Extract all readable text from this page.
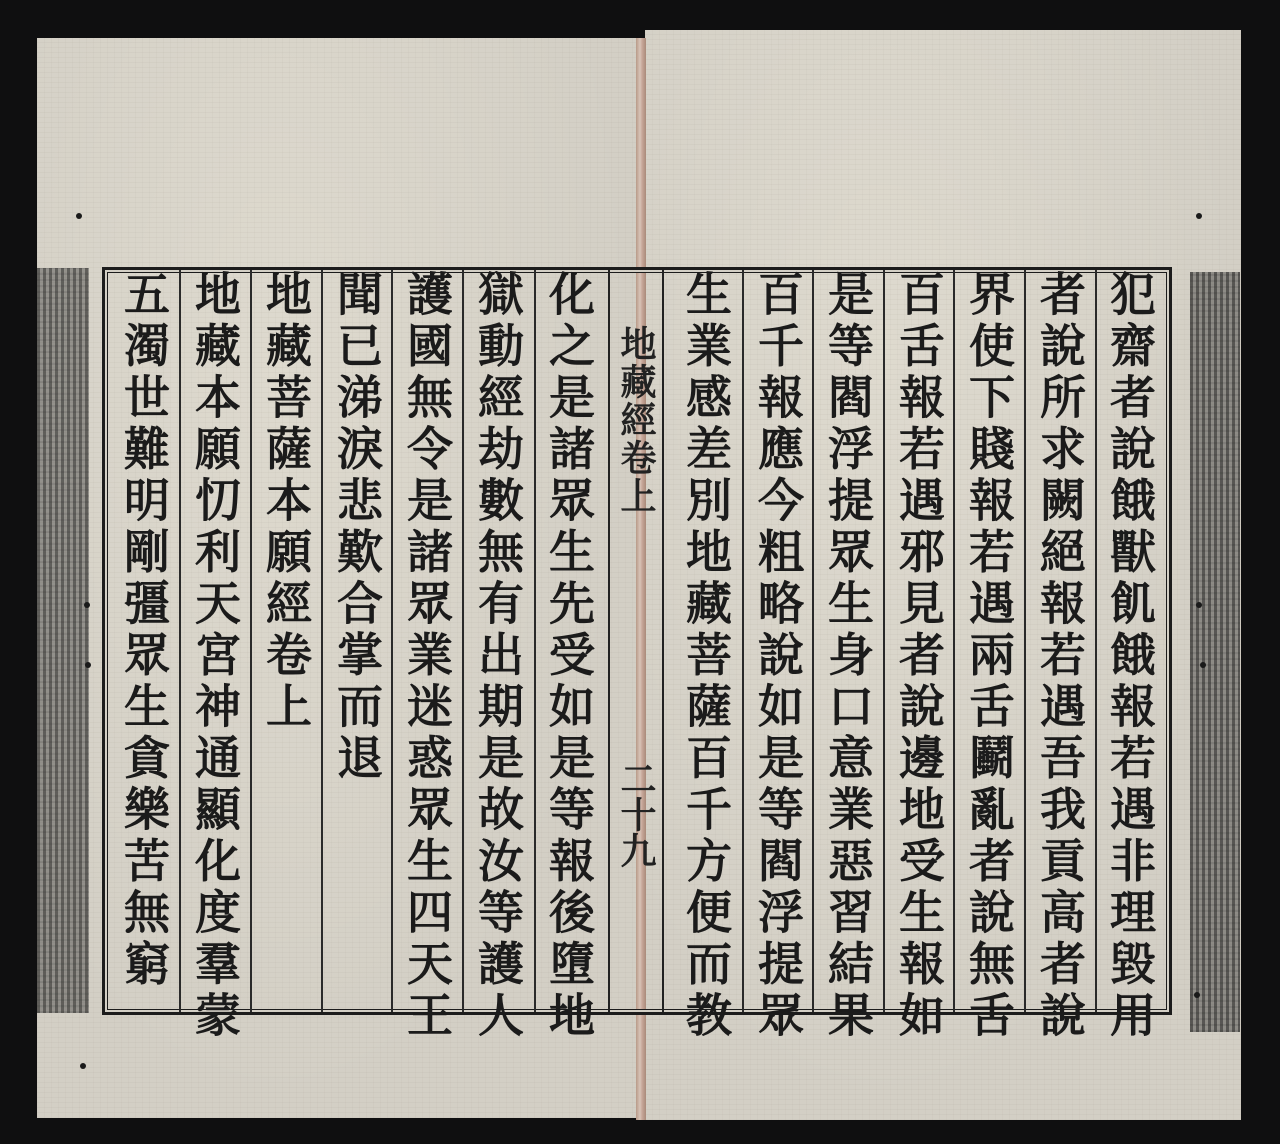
地藏經卷上
二十九	犯齋者說餓獸飢餓報若遇非理毀用
者說所求闕絕報若遇吾我貢高者說
界使下賤報若遇兩舌鬬亂者說無舌
百舌報若遇邪見者說邊地受生報如
是等閻浮提眾生身口意業惡習結果
百千報應今粗略說如是等閻浮提眾
生業感差別地藏菩薩百千方便而教
化之是諸眾生先受如是等報後墮地
獄動經劫數無有出期是故汝等護人
護國無令是諸眾業迷惑眾生四天王
聞已涕淚悲歎合掌而退
地藏菩薩本願經卷上
地藏本願忉利天宮神通顯化度羣蒙
五濁世難明剛彊眾生貪樂苦無窮
